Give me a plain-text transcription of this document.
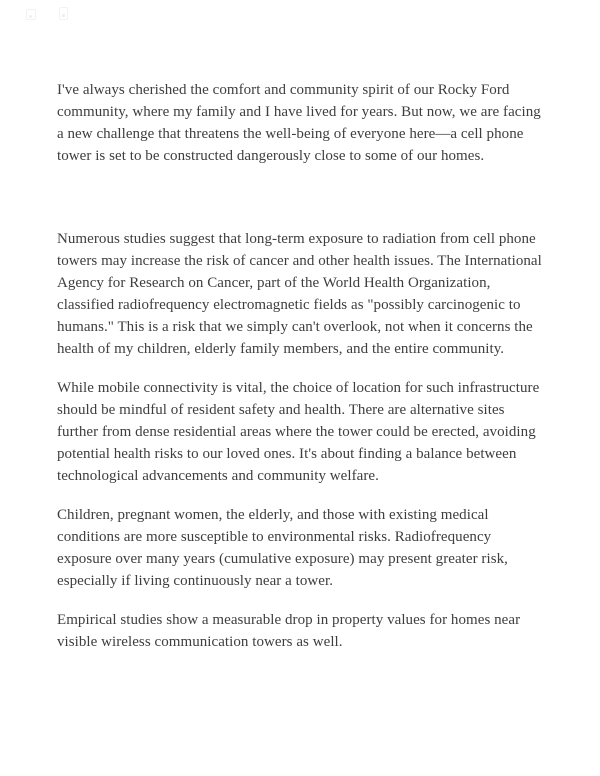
I've always cherished the comfort and community spirit of our Rocky Ford community, where my family and I have lived for years. But now, we are facing a new challenge that threatens the well-being of everyone here—a cell phone tower is set to be constructed dangerously close to some of our homes.

Numerous studies suggest that long-term exposure to radiation from cell phone towers may increase the risk of cancer and other health issues. The International Agency for Research on Cancer, part of the World Health Organization, classified radiofrequency electromagnetic fields as "possibly carcinogenic to humans." This is a risk that we simply can't overlook, not when it concerns the health of my children, elderly family members, and the entire community.

While mobile connectivity is vital, the choice of location for such infrastructure should be mindful of resident safety and health. There are alternative sites further from dense residential areas where the tower could be erected, avoiding potential health risks to our loved ones. It's about finding a balance between technological advancements and community welfare.

Children, pregnant women, the elderly, and those with existing medical conditions are more susceptible to environmental risks. Radiofrequency exposure over many years (cumulative exposure) may present greater risk, especially if living continuously near a tower.

Empirical studies show a measurable drop in property values for homes near visible wireless communication towers as well.
